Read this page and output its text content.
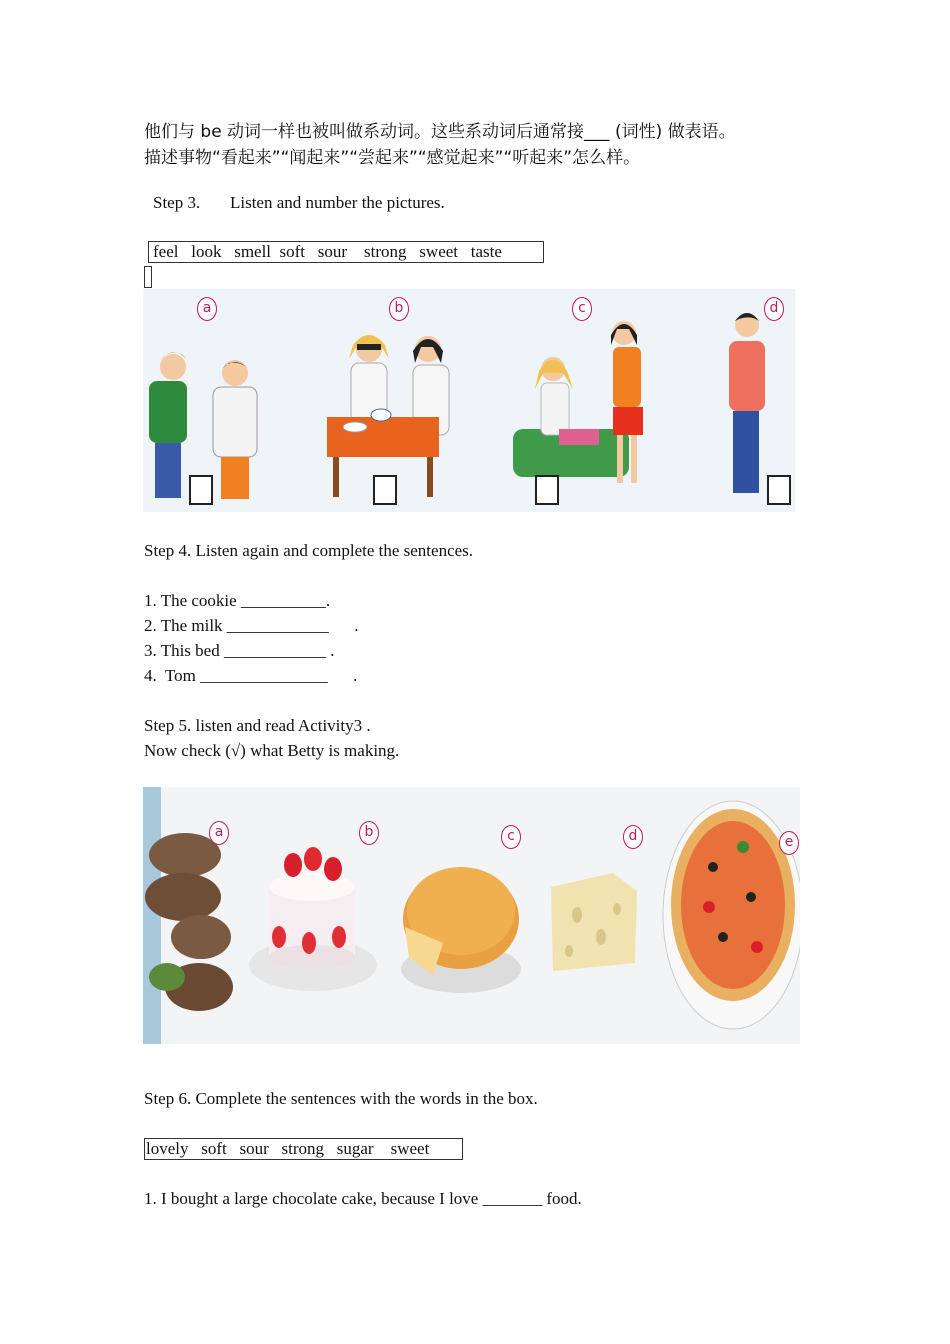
他们与 be 动词一样也被叫做系动词。这些系动词后通常接___ (词性) 做表语。
描述事物“看起来”“闻起来”“尝起来”“感觉起来”“听起来”怎么样。
Step 3.       Listen and number the pictures.
feel   look   smell  soft   sour    strong   sweet   taste
a	b	c	d
Step 4. Listen again and complete the sentences.
1. The cookie __________.
2. The milk ____________      .
3. This bed ____________ .
4.  Tom _______________      .
Step 5. listen and read Activity3 .
Now check (√) what Betty is making.
a	b	c	d	e
Step 6. Complete the sentences with the words in the box.
lovely   soft   sour   strong   sugar    sweet
1. I bought a large chocolate cake, because I love _______ food.
